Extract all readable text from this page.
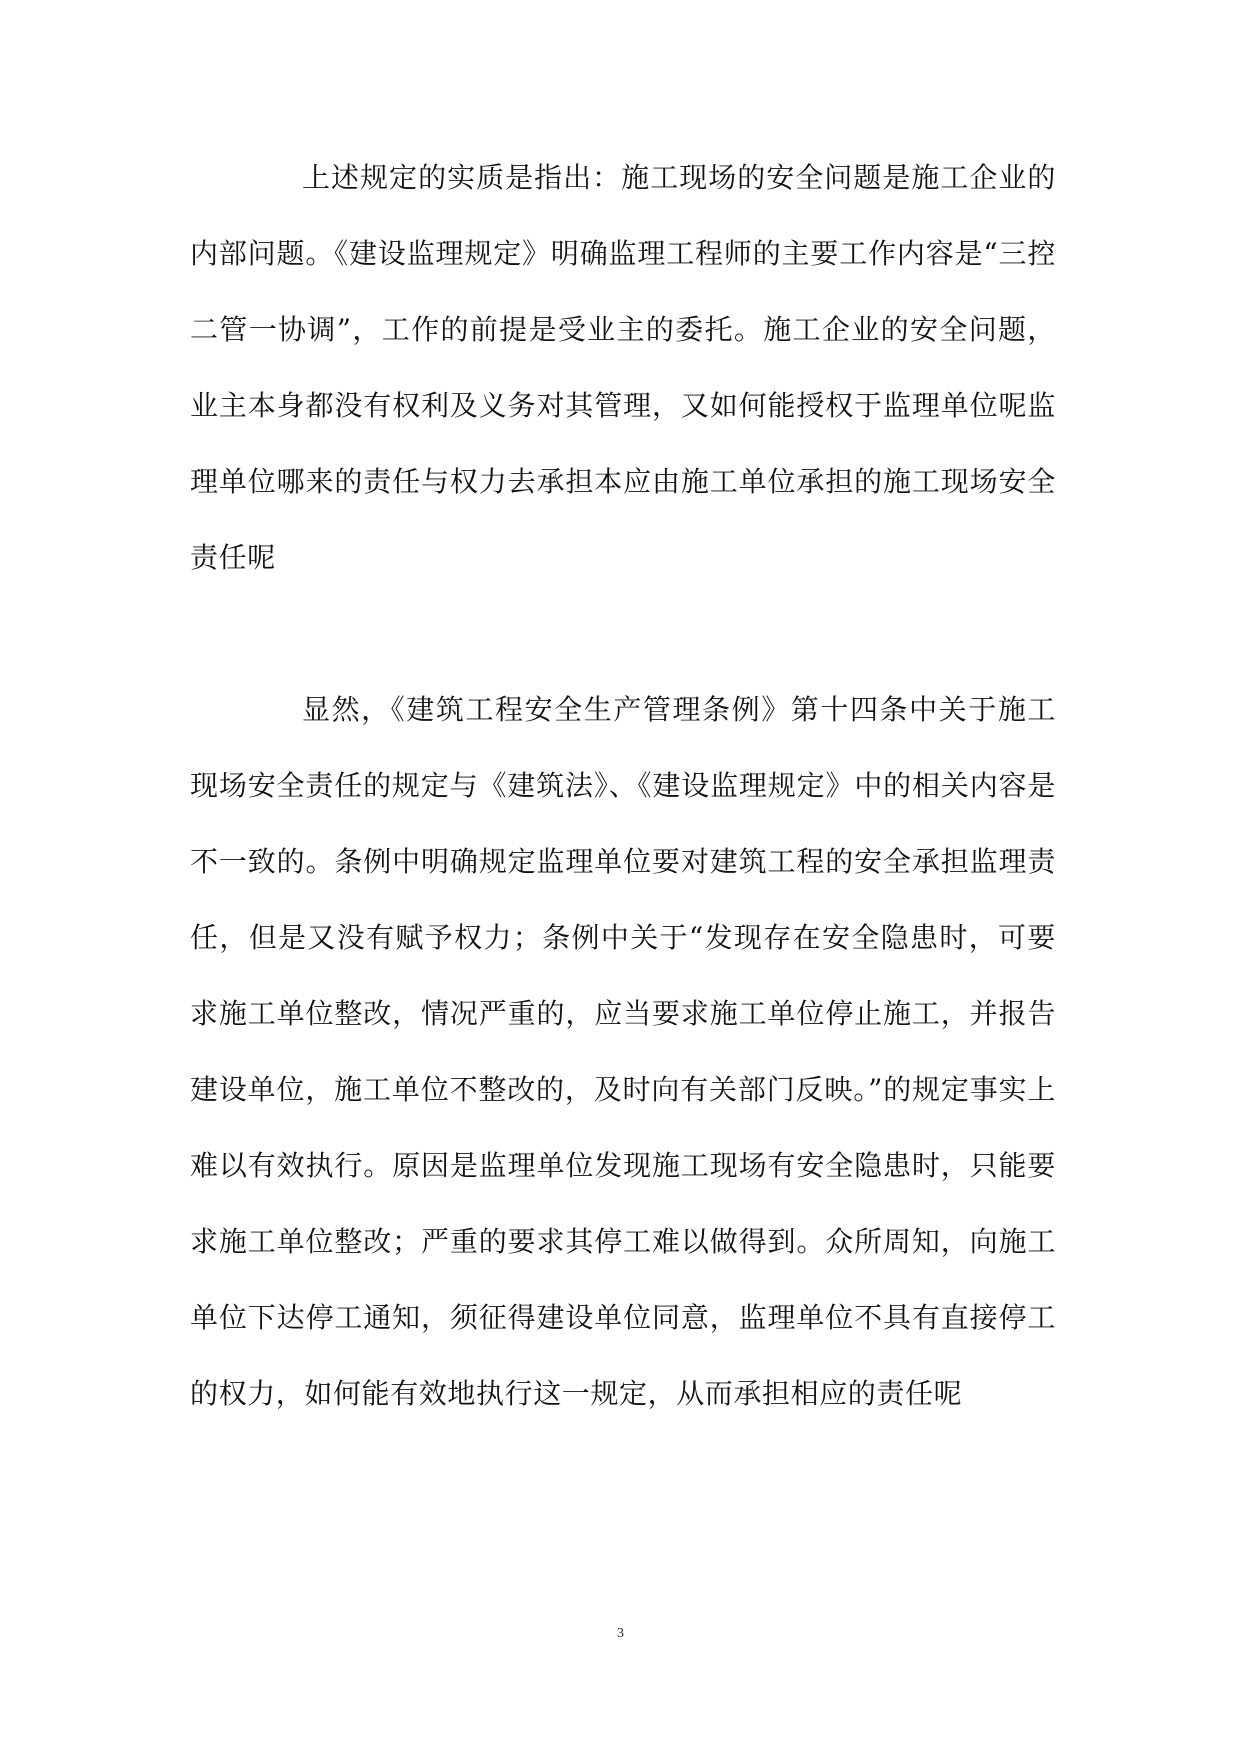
上述规定的实质是指出：施工现场的安全问题是施工企业的内部问题。《建设监理规定》明确监理工程师的主要工作内容是“三控二管一协调”，工作的前提是受业主的委托。施工企业的安全问题，业主本身都没有权利及义务对其管理，又如何能授权于监理单位呢监理单位哪来的责任与权力去承担本应由施工单位承担的施工现场安全责任呢

显然，《建筑工程安全生产管理条例》第十四条中关于施工现场安全责任的规定与《建筑法》、《建设监理规定》中的相关内容是不一致的。条例中明确规定监理单位要对建筑工程的安全承担监理责任，但是又没有赋予权力；条例中关于“发现存在安全隐患时，可要求施工单位整改，情况严重的，应当要求施工单位停止施工，并报告建设单位，施工单位不整改的，及时向有关部门反映。”的规定事实上难以有效执行。原因是监理单位发现施工现场有安全隐患时，只能要求施工单位整改；严重的要求其停工难以做得到。众所周知，向施工单位下达停工通知，须征得建设单位同意，监理单位不具有直接停工的权力，如何能有效地执行这一规定，从而承担相应的责任呢

3
